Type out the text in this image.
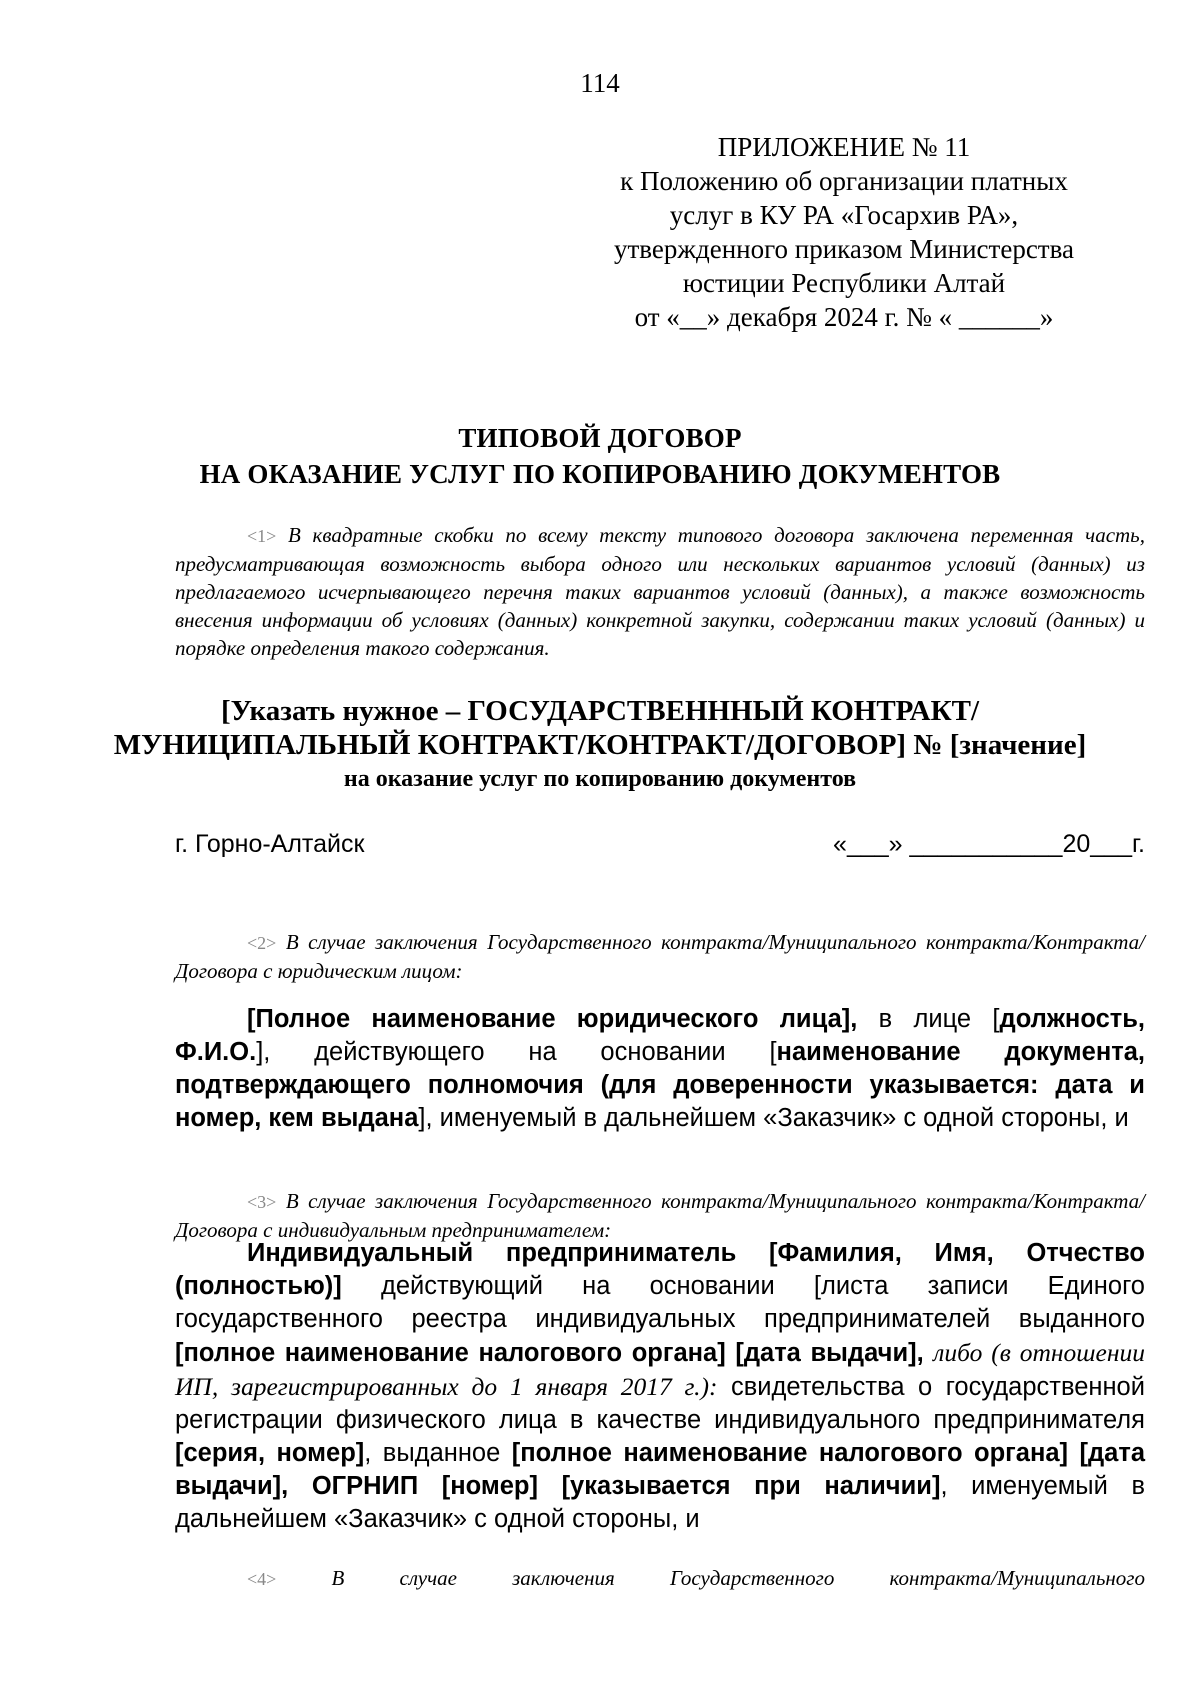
114
ПРИЛОЖЕНИЕ № 11
к Положению об организации платных
услуг в КУ РА «Госархив РА»,
утвержденного приказом Министерства
юстиции Республики Алтай
от «__» декабря 2024 г. № « ______»
ТИПОВОЙ ДОГОВОР
НА ОКАЗАНИЕ УСЛУГ ПО КОПИРОВАНИЮ ДОКУМЕНТОВ
<1> В квадратные скобки по всему тексту типового договора заключена переменная часть, предусматривающая возможность выбора одного или нескольких вариантов условий (данных) из предлагаемого исчерпывающего перечня таких вариантов условий (данных), а также возможность внесения информации об условиях (данных) конкретной закупки, содержании таких условий (данных) и порядке определения такого содержания.
[Указать нужное – ГОСУДАРСТВЕНННЫЙ КОНТРАКТ/
МУНИЦИПАЛЬНЫЙ КОНТРАКТ/КОНТРАКТ/ДОГОВОР] № [значение]
на оказание услуг по копированию документов
г. Горно-Алтайск	«___» ___________20___г.
<2> В случае заключения Государственного контракта/Муниципального контракта/Контракта/Договора с юридическим лицом:
[Полное наименование юридического лица], в лице [должность, Ф.И.О.], действующего на основании [наименование документа, подтверждающего полномочия (для доверенности указывается: дата и номер, кем выдана], именуемый в дальнейшем «Заказчик» с одной стороны, и
<3> В случае заключения Государственного контракта/Муниципального контракта/Контракта/Договора с индивидуальным предпринимателем:
Индивидуальный предприниматель [Фамилия, Имя, Отчество (полностью)] действующий на основании [листа записи Единого государственного реестра индивидуальных предпринимателей выданного [полное наименование налогового органа] [дата выдачи], либо (в отношении ИП, зарегистрированных до 1 января 2017 г.): свидетельства о государственной регистрации физического лица в качестве индивидуального предпринимателя [серия, номер], выданное [полное наименование налогового органа] [дата выдачи], ОГРНИП [номер] [указывается при наличии], именуемый в дальнейшем «Заказчик» с одной стороны, и
<4>	В случае заключения Государственного контракта/Муниципального
